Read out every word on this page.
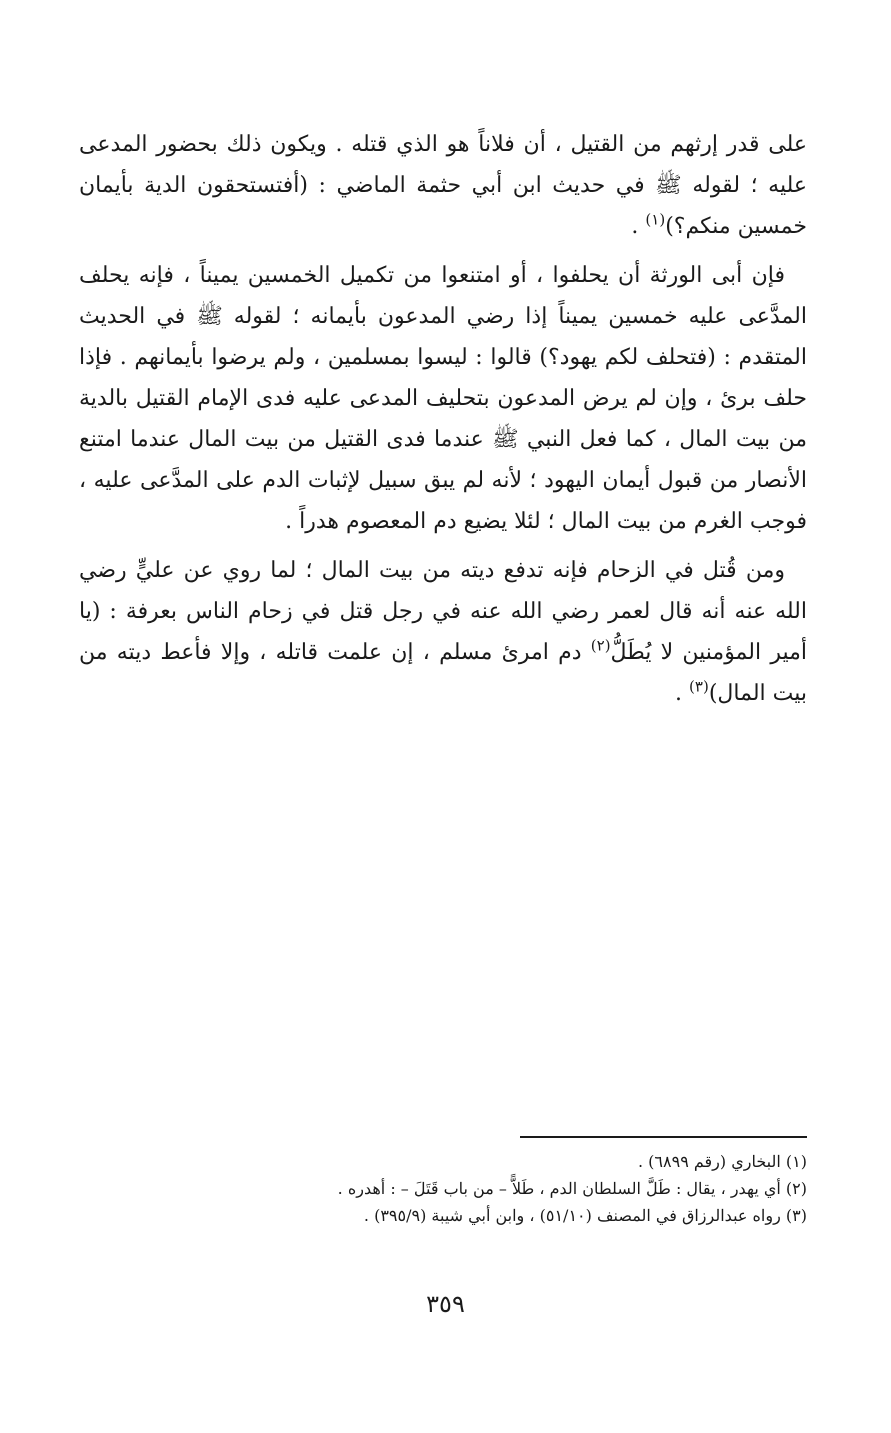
على قدر إرثهم من القتيل ، أن فلاناً هو الذي قتله . ويكون ذلك بحضور المدعى عليه ؛ لقوله ﷺ في حديث ابن أبي حثمة الماضي : (أفتستحقون الدية بأيمان خمسين منكم؟)$^{(١)}$ .

فإن أبى الورثة أن يحلفوا ، أو امتنعوا من تكميل الخمسين يميناً ، فإنه يحلف المدَّعى عليه خمسين يميناً إذا رضي المدعون بأيمانه ؛ لقوله ﷺ في الحديث المتقدم : (فتحلف لكم يهود؟) قالوا : ليسوا بمسلمين ، ولم يرضوا بأيمانهم . فإذا حلف برئ ، وإن لم يرض المدعون بتحليف المدعى عليه فدى الإمام القتيل بالدية من بيت المال ، كما فعل النبي ﷺ عندما فدى القتيل من بيت المال عندما امتنع الأنصار من قبول أيمان اليهود ؛ لأنه لم يبق سبيل لإثبات الدم على المدَّعى عليه ، فوجب الغرم من بيت المال ؛ لئلا يضيع دم المعصوم هدراً .

ومن قُتل في الزحام فإنه تدفع ديته من بيت المال ؛ لما روي عن عليٍّ رضي الله عنه أنه قال لعمر رضي الله عنه في رجل قتل في زحام الناس بعرفة : (يا أمير المؤمنين لا يُطَلُّ$^{(٢)}$ دم امرئ مسلم ، إن علمت قاتله ، وإلا فأعط ديته من بيت المال)$^{(٣)}$ .

(١) البخاري (رقم ٦٨٩٩) .

(٢) أي يهدر ، يقال : طَلَّ السلطان الدم ، طَلاًّ – من باب قَتَلَ – : أهدره .

(٣) رواه عبدالرزاق في المصنف (٥١/١٠) ، وابن أبي شيبة (٣٩٥/٩) .

٣٥٩
